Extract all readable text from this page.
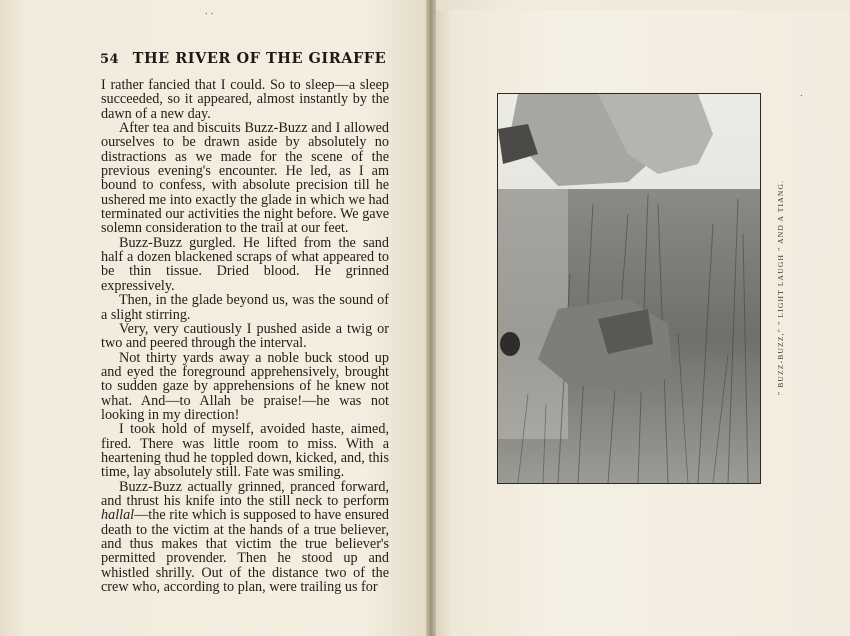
⸱ ⸱
⸱
54 THE RIVER OF THE GIRAFFE

I rather fancied that I could. So to sleep—a sleep succeeded, so it appeared, almost instantly by the dawn of a new day.

After tea and biscuits Buzz-Buzz and I allowed ourselves to be drawn aside by absolutely no distractions as we made for the scene of the previous evening's encounter. He led, as I am bound to confess, with absolute precision till he ushered me into exactly the glade in which we had terminated our activities the night before. We gave solemn consideration to the trail at our feet.

Buzz-Buzz gurgled. He lifted from the sand half a dozen blackened scraps of what appeared to be thin tissue. Dried blood. He grinned expressively.

Then, in the glade beyond us, was the sound of a slight stirring.

Very, very cautiously I pushed aside a twig or two and peered through the interval.

Not thirty yards away a noble buck stood up and eyed the foreground apprehensively, brought to sudden gaze by apprehensions of he knew not what. And—to Allah be praise!—he was not looking in my direction!

I took hold of myself, avoided haste, aimed, fired. There was little room to miss. With a heartening thud he toppled down, kicked, and, this time, lay absolutely still. Fate was smiling.

Buzz-Buzz actually grinned, pranced forward, and thrust his knife into the still neck to perform hallal—the rite which is supposed to have ensured death to the victim at the hands of a true believer, and thus makes that victim the true believer's permitted provender. Then he stood up and whistled shrilly. Out of the distance two of the crew who, according to plan, were trailing us for

" BUZZ-BUZZ," " LIGHT LAUGH " AND A TIANG.
